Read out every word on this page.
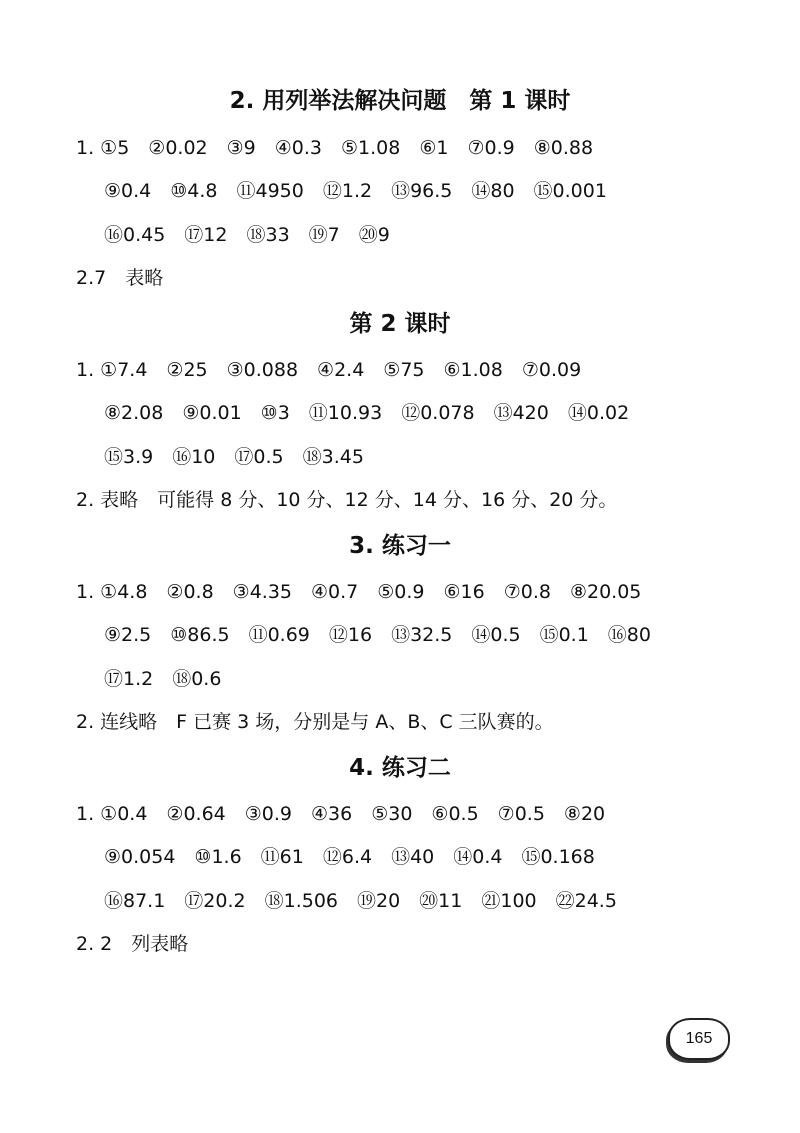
2. 用列举法解决问题　第 1 课时
1. ①5　②0.02　③9　④0.3　⑤1.08　⑥1　⑦0.9　⑧0.88
⑨0.4　⑩4.8　⑪4950　⑫1.2　⑬96.5　⑭80　⑮0.001
⑯0.45　⑰12　⑱33　⑲7　⑳9
2.7　表略
第 2 课时
1. ①7.4　②25　③0.088　④2.4　⑤75　⑥1.08　⑦0.09
⑧2.08　⑨0.01　⑩3　⑪10.93　⑫0.078　⑬420　⑭0.02
⑮3.9　⑯10　⑰0.5　⑱3.45
2. 表略　可能得 8 分、10 分、12 分、14 分、16 分、20 分。
3. 练习一
1. ①4.8　②0.8　③4.35　④0.7　⑤0.9　⑥16　⑦0.8　⑧20.05
⑨2.5　⑩86.5　⑪0.69　⑫16　⑬32.5　⑭0.5　⑮0.1　⑯80
⑰1.2　⑱0.6
2. 连线略　F 已赛 3 场，分别是与 A、B、C 三队赛的。
4. 练习二
1. ①0.4　②0.64　③0.9　④36　⑤30　⑥0.5　⑦0.5　⑧20
⑨0.054　⑩1.6　⑪61　⑫6.4　⑬40　⑭0.4　⑮0.168
⑯87.1　⑰20.2　⑱1.506　⑲20　⑳11　㉑100　㉒24.5
2. 2　列表略
165
